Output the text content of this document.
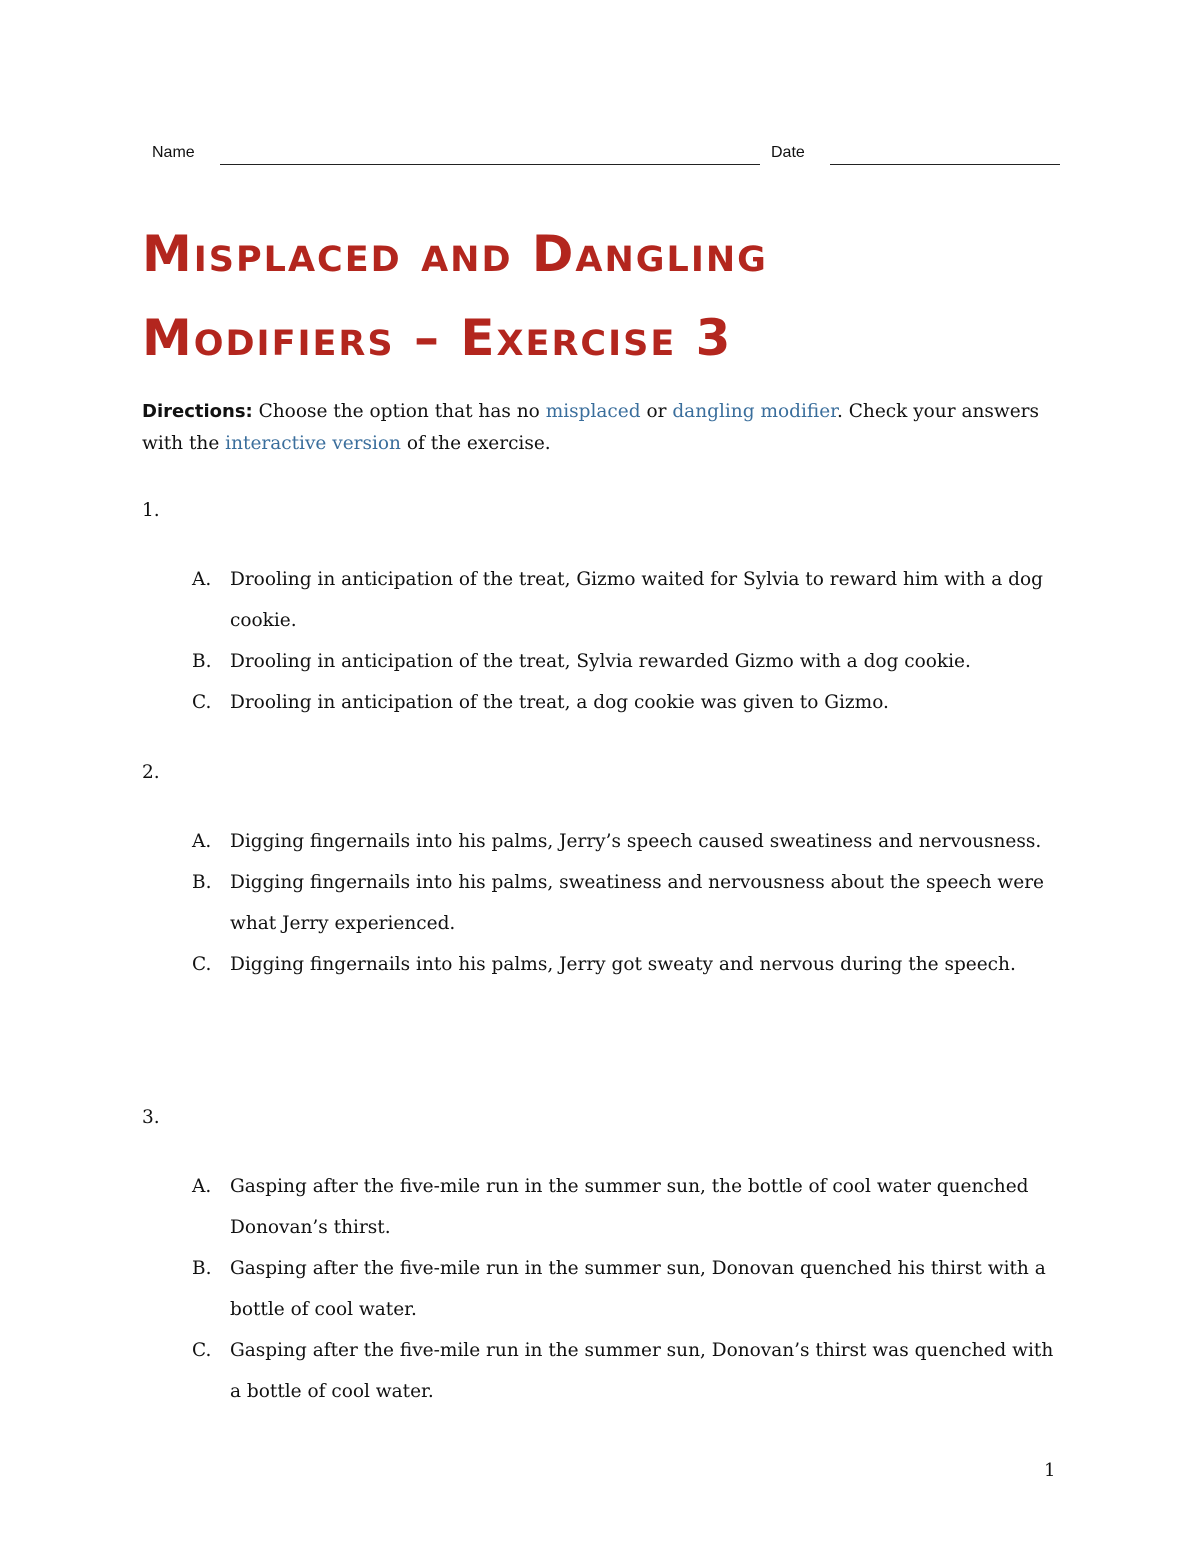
Name	Date
Misplaced and Dangling
Modifiers – Exercise 3

Directions: Choose the option that has no misplaced or dangling modifier. Check your answers with the interactive version of the exercise.

1.
A. Drooling in anticipation of the treat, Gizmo waited for Sylvia to reward him with a dog cookie.
B. Drooling in anticipation of the treat, Sylvia rewarded Gizmo with a dog cookie.
C. Drooling in anticipation of the treat, a dog cookie was given to Gizmo.
2.
A. Digging fingernails into his palms, Jerry’s speech caused sweatiness and nervousness.
B. Digging fingernails into his palms, sweatiness and nervousness about the speech were what Jerry experienced.
C. Digging fingernails into his palms, Jerry got sweaty and nervous during the speech.
3.
A. Gasping after the five-mile run in the summer sun, the bottle of cool water quenched Donovan’s thirst.
B. Gasping after the five-mile run in the summer sun, Donovan quenched his thirst with a bottle of cool water.
C. Gasping after the five-mile run in the summer sun, Donovan’s thirst was quenched with a bottle of cool water.
1
